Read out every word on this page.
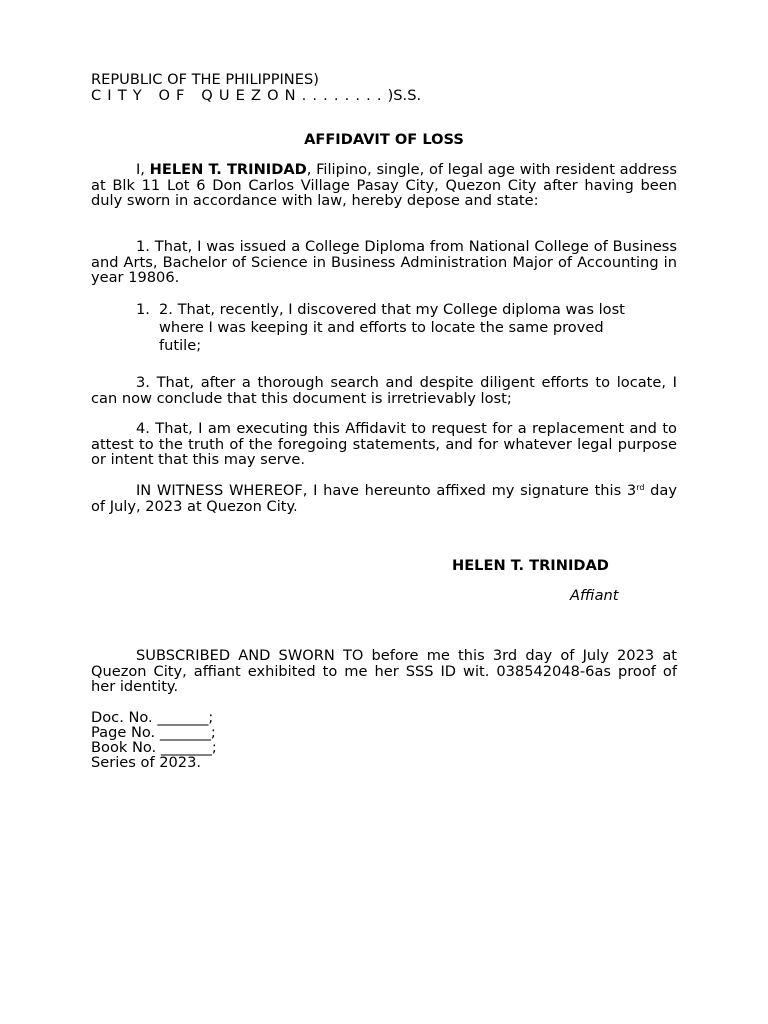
REPUBLIC OF THE PHILIPPINES)
CITY OF QUEZON........)S.S.
AFFIDAVIT OF LOSS
I, HELEN T. TRINIDAD, Filipino, single, of legal age with resident address at Blk 11 Lot 6 Don Carlos Village Pasay City, Quezon City after having been duly sworn in accordance with law, hereby depose and state:
1. That, I was issued a College Diploma from National College of Business and Arts, Bachelor of Science in Business Administration Major of Accounting in year 19806.
1. 2. That, recently, I discovered that my College diploma was lost where I was keeping it and efforts to locate the same proved futile;
3. That, after a thorough search and despite diligent efforts to locate, I can now conclude that this document is irretrievably lost;
4. That, I am executing this Affidavit to request for a replacement and to attest to the truth of the foregoing statements, and for whatever legal purpose or intent that this may serve.
IN WITNESS WHEREOF, I have hereunto affixed my signature this 3rd day of July, 2023 at Quezon City.
HELEN T. TRINIDAD
Affiant
SUBSCRIBED AND SWORN TO before me this 3rd day of July 2023 at Quezon City, affiant exhibited to me her SSS ID wit. 038542048-6as proof of her identity.
Doc. No. _______;
Page No. _______;
Book No. _______;
Series of 2023.
